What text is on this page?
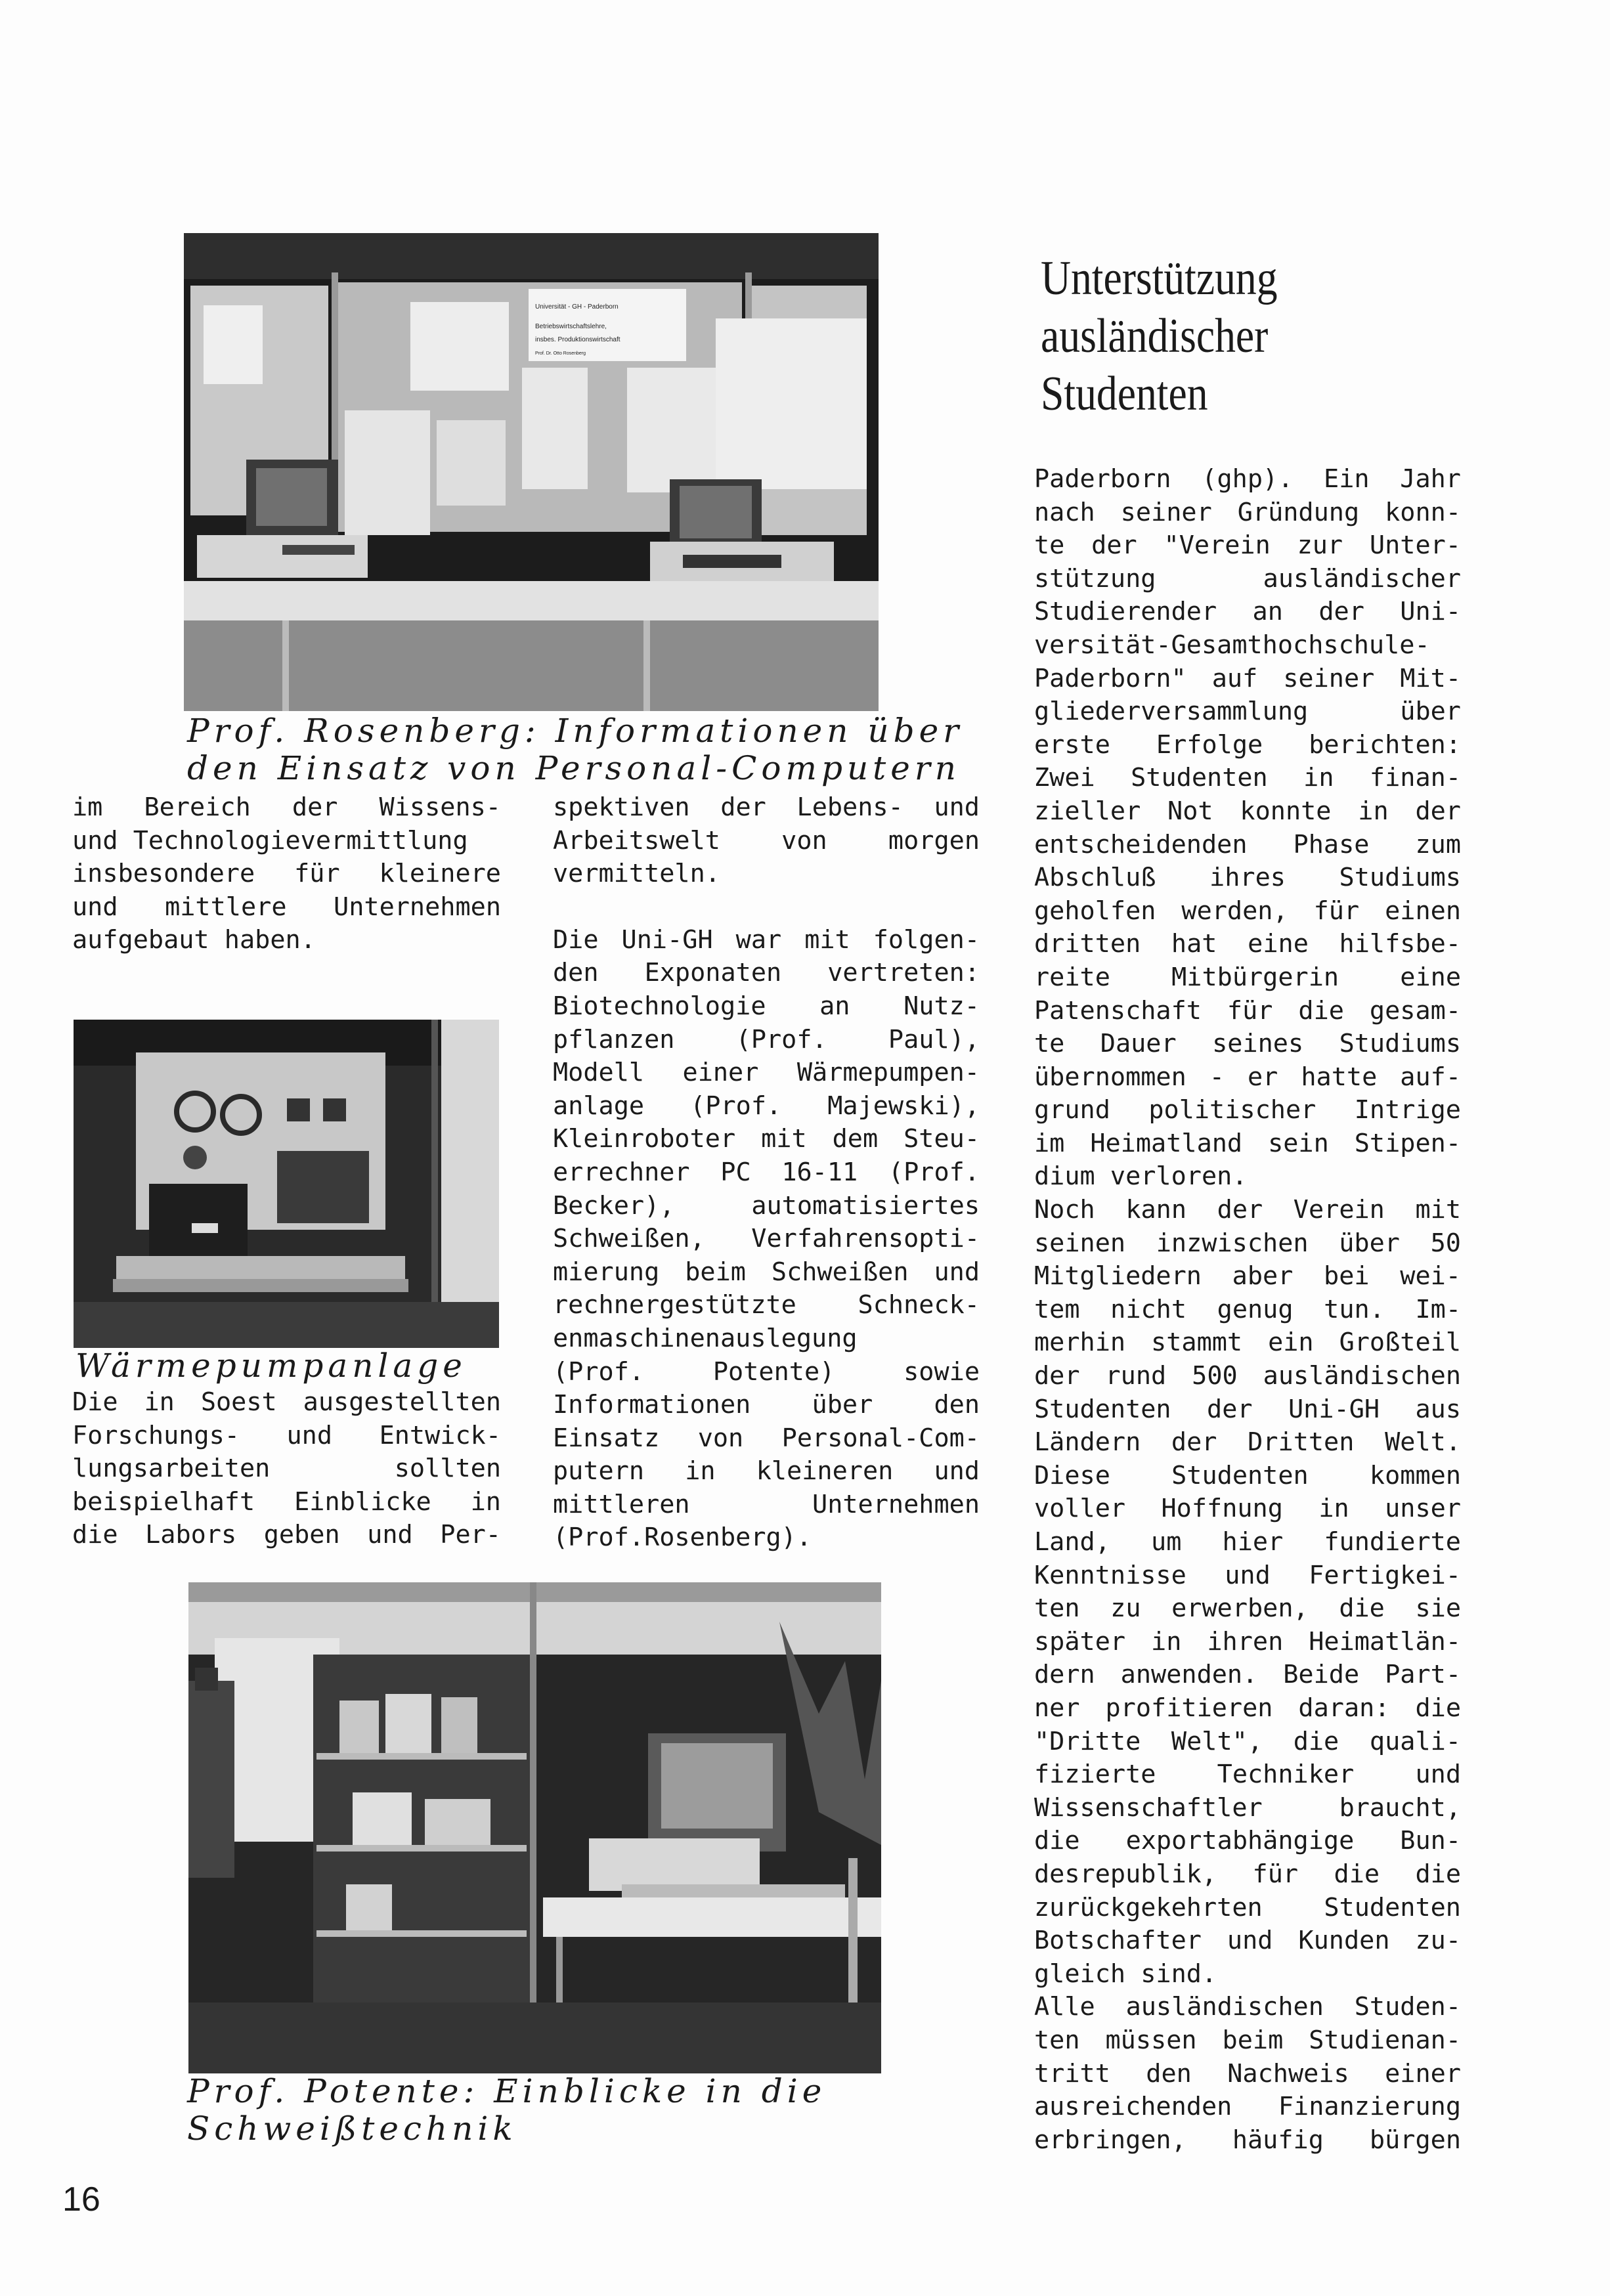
Universität - GH - Paderborn
Betriebswirtschaftslehre,
insbes. Produktionswirtschaft
Prof. Dr. Otto Rosenberg
Prof. Rosenberg: Informationen über
den Einsatz von Personal-Computern
im Bereich der Wissens-
und Technologievermittlung
insbesondere für kleinere
und mittlere Unternehmen
aufgebaut haben.
Wärmepumpanlage
Die in Soest ausgestellten
Forschungs- und Entwick-
lungsarbeiten sollten
beispielhaft Einblicke in
die Labors geben und Per-
spektiven der Lebens- und
Arbeitswelt von morgen
vermitteln.
Die Uni-GH war mit folgen-
den Exponaten vertreten:
Biotechnologie an Nutz-
pflanzen (Prof. Paul),
Modell einer Wärmepumpen-
anlage (Prof. Majewski),
Kleinroboter mit dem Steu-
errechner PC 16-11 (Prof.
Becker), automatisiertes
Schweißen, Verfahrensopti-
mierung beim Schweißen und
rechnergestützte Schneck-
enmaschinenauslegung
(Prof. Potente) sowie
Informationen über den
Einsatz von Personal-Com-
putern in kleineren und
mittleren Unternehmen
(Prof.Rosenberg).
Prof. Potente: Einblicke in die
Schweißtechnik
Unterstützung
ausländischer
Studenten
Paderborn (ghp). Ein Jahr
nach seiner Gründung konn-
te der "Verein zur Unter-
stützung ausländischer
Studierender an der Uni-
versität-Gesamthochschule-
Paderborn" auf seiner Mit-
gliederversammlung über
erste Erfolge berichten:
Zwei Studenten in finan-
zieller Not konnte in der
entscheidenden Phase zum
Abschluß ihres Studiums
geholfen werden, für einen
dritten hat eine hilfsbe-
reite Mitbürgerin eine
Patenschaft für die gesam-
te Dauer seines Studiums
übernommen - er hatte auf-
grund politischer Intrige
im Heimatland sein Stipen-
dium verloren.
Noch kann der Verein mit
seinen inzwischen über 50
Mitgliedern aber bei wei-
tem nicht genug tun. Im-
merhin stammt ein Großteil
der rund 500 ausländischen
Studenten der Uni-GH aus
Ländern der Dritten Welt.
Diese Studenten kommen
voller Hoffnung in unser
Land, um hier fundierte
Kenntnisse und Fertigkei-
ten zu erwerben, die sie
später in ihren Heimatlän-
dern anwenden. Beide Part-
ner profitieren daran: die
"Dritte Welt", die quali-
fizierte Techniker und
Wissenschaftler braucht,
die exportabhängige Bun-
desrepublik, für die die
zurückgekehrten Studenten
Botschafter und Kunden zu-
gleich sind.
Alle ausländischen Studen-
ten müssen beim Studienan-
tritt den Nachweis einer
ausreichenden Finanzierung
erbringen, häufig bürgen
16
